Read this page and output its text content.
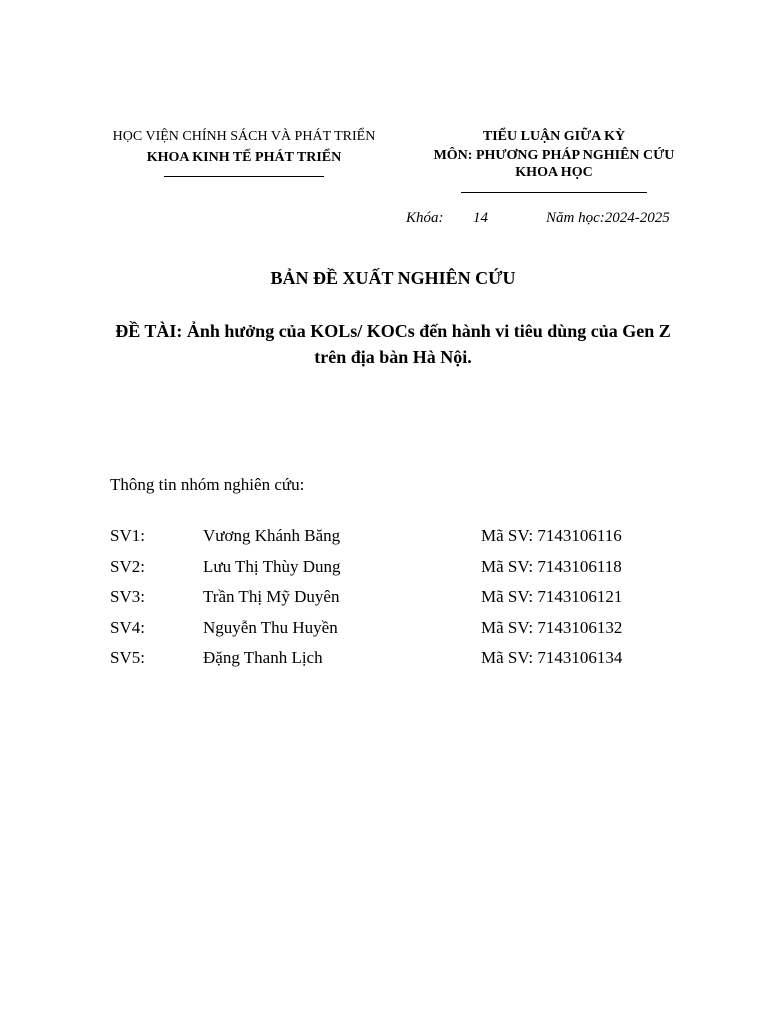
HỌC VIỆN CHÍNH SÁCH VÀ PHÁT TRIỂN
KHOA KINH TẾ PHÁT TRIỂN
TIỂU LUẬN GIỮA KỲ
MÔN: PHƯƠNG PHÁP NGHIÊN CỨU KHOA HỌC
Khóa: 14	Năm học:2024-2025
BẢN ĐỀ XUẤT NGHIÊN CỨU
ĐỀ TÀI: Ảnh hưởng của KOLs/ KOCs đến hành vi tiêu dùng của Gen Z trên địa bàn Hà Nội.
Thông tin nhóm nghiên cứu:
SV1:	Vương Khánh Băng	Mã SV: 7143106116
SV2:	Lưu Thị Thùy Dung	Mã SV: 7143106118
SV3:	Trần Thị Mỹ Duyên	Mã SV: 7143106121
SV4:	Nguyễn Thu Huyền	Mã SV: 7143106132
SV5:	Đặng Thanh Lịch	Mã SV: 7143106134
